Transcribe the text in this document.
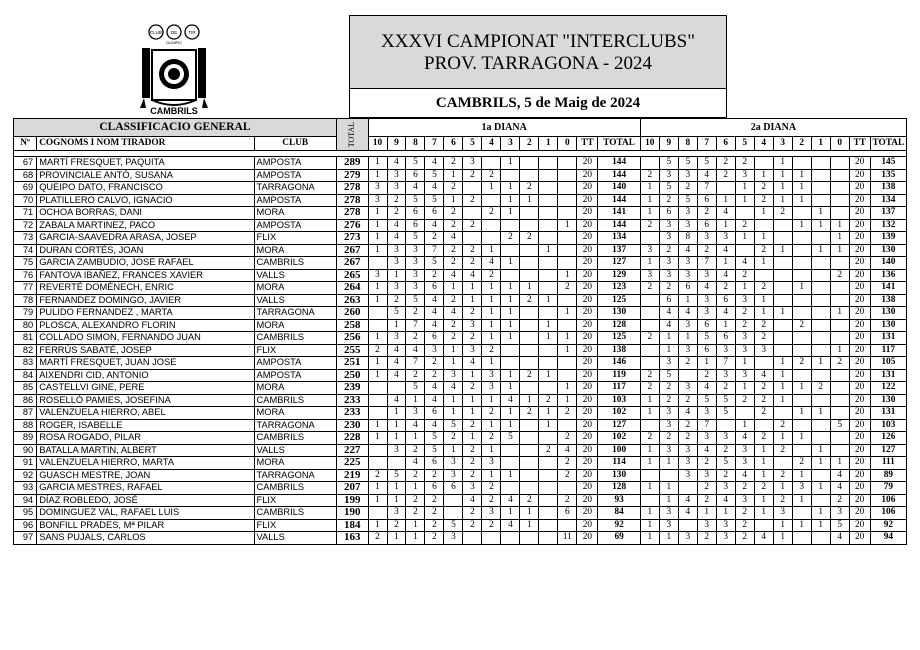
CLUB DE TIR
OLIMPIC
CAMBRILS
XXXVI CAMPIONAT "INTERCLUBS"
PROV. TARRAGONA - 2024
CAMBRILS, 5 de Maig de 2024
CLASSIFICACIO GENERAL			TOTAL	1a DIANA													2a DIANA												
Nº	COGNOMS I NOM TIRADOR	CLUB		10	9	8	7	6	5	4	3	2	1	0	TT	TOTAL	10	9	8	7	6	5	4	3	2	1	0	TT	TOTAL

67	MARTÍ FRESQUET, PAQUITA	AMPOSTA	289	1	4	5	4	2	3		1				20	144		5	5	5	2	2		1				20	145
68	PROVINCIALE ANTÓ, SUSANA	AMPOSTA	279	1	3	6	5	1	2	2					20	144	2	3	3	4	2	3	1	1	1			20	135
69	QUEIPO DATO, FRANCISCO	TARRAGONA	278	3	3	4	4	2		1	1	2			20	140	1	5	2	7		1	2	1	1			20	138
70	PLATILLERO CALVO, IGNACIO	AMPOSTA	278	3	2	5	5	1	2		1	1			20	144	1	2	5	6	1	1	2	1	1			20	134
71	OCHOA BORRAS, DANI	MORA	278	1	2	6	6	2		2	1				20	141	1	6	3	2	4		1	2		1		20	137
72	ZABALA MARTINEZ, PACO	AMPOSTA	276	1	4	6	4	2	2					1	20	144	2	3	3	6	1	2			1	1	1	20	132
73	GARCIA-SAAVEDRA ARASA, JOSEP	FLIX	273	1	4	5	2	4			2	2			20	134		3	8	3	3	1	1				1	20	139
74	DURAN CORTÉS, JOAN	MORA	267	1	3	3	7	2	2	1			1		20	137	3	2	4	2	4		2	1		1	1	20	130
75	GARCIA ZAMBUDIO, JOSE RAFAEL	CAMBRILS	267		3	3	5	2	2	4	1				20	127	1	3	3	7	1	4	1					20	140
76	FANTOVA IBAÑEZ, FRANCES XAVIER	VALLS	265	3	1	3	2	4	4	2				1	20	129	3	3	3	3	4	2					2	20	136
77	REVERTÉ DOMÈNECH, ENRIC	MORA	264	1	3	3	6	1	1	1	1	1		2	20	123	2	2	6	4	2	1	2		1			20	141
78	FERNANDEZ DOMINGO, JAVIER	VALLS	263	1	2	5	4	2	1	1	1	2	1		20	125		6	1	3	6	3	1					20	138
79	PULIDO FERNANDEZ , MARTA	TARRAGONA	260		5	2	4	4	2	1	1			1	20	130		4	4	3	4	2	1	1			1	20	130
80	PLOSCA, ALEXANDRO FLORIN	MORA	258		1	7	4	2	3	1	1		1		20	128		4	3	6	1	2	2		2			20	130
81	COLLADO SIMON, FERNANDO JUAN	CAMBRILS	256	1	3	2	6	2	2	1	1		1	1	20	125	2	1	1	5	6	3	2					20	131
82	FERRÚS SABATÉ, JOSEP	FLIX	255	2	4	4	3	1	3	2				1	20	138		1	3	6	3	3	3				1	20	117
83	MARTÍ FRESQUET, JUAN JOSE	AMPOSTA	251	1	4	7	2	1	4	1					20	146		3	2	1	7	1		1	2	1	2	20	105
84	AIXENDRI CID, ANTONIO	AMPOSTA	250	1	4	2	2	3	1	3	1	2	1		20	119	2	5		2	3	3	4	1				20	131
85	CASTELLVI GINE, PERE	MORA	239			5	4	4	2	3	1			1	20	117	2	2	3	4	2	1	2	1	1	2		20	122
86	ROSELLÓ PAMIES, JOSEFINA	CAMBRILS	233		4	1	4	1	1	1	4	1	2	1	20	103	1	2	2	5	5	2	2	1				20	130
87	VALENZUELA HIERRO, ABEL	MORA	233		1	3	6	1	1	2	1	2	1	2	20	102	1	3	4	3	5		2		1	1		20	131
88	ROGER, ISABELLE	TARRAGONA	230	1	1	4	4	5	2	1	1		1		20	127		3	2	7		1		2			5	20	103
89	ROSA ROGADO, PILAR	CAMBRILS	228	1	1	1	5	2	1	2	5			2	20	102	2	2	2	3	3	4	2	1	1			20	126
90	BATALLA MARTIN, ALBERT	VALLS	227		3	2	5	1	2	1			2	4	20	100	1	3	3	4	2	3	1	2		1		20	127
91	VALENZUELA HIERRO, MARTA	MORA	225			4	6	3	2	3				2	20	114	1	1	3	2	5	3	1		2	1	1	20	111
92	GUASCH MESTRE, JOAN	TARRAGONA	219	2	5	2	2	3	2	1	1			2	20	130			3	3	2	4	1	2	1		4	20	89
93	GARCIA MESTRES, RAFAEL	CAMBRILS	207	1	1	1	6	6	3	2					20	128	1	1		2	3	2	2	1	3	1	4	20	79
94	DÍAZ ROBLEDO, JOSÉ	FLIX	199	1	1	2	2		4	2	4	2		2	20	93		1	4	2	4	3	1	2	1		2	20	106
95	DOMINGUEZ VAL, RAFAEL LUIS	CAMBRILS	190		3	2	2		2	3	1	1		6	20	84	1	3	4	1	1	2	1	3		1	3	20	106
96	BONFILL PRADES, Mª PILAR	FLIX	184	1	2	1	2	5	2	2	4	1			20	92	1	3		3	3	2		1	1	1	5	20	92
97	SANS PUJALS, CARLOS	VALLS	163	2	1	1	2	3						11	20	69	1	1	3	2	3	2	4	1			4	20	94
